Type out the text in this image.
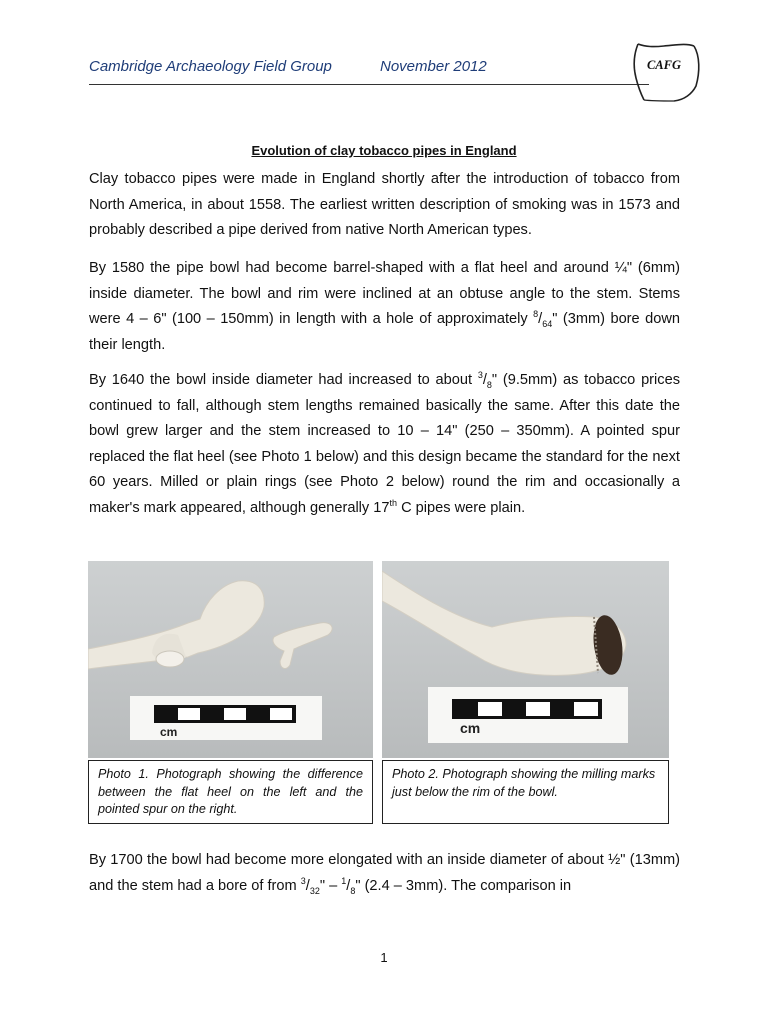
Cambridge Archaeology Field Group	November 2012	CAFG
Evolution of clay tobacco pipes in England
Clay tobacco pipes were made in England shortly after the introduction of tobacco from North America, in about 1558. The earliest written description of smoking was in 1573 and probably described a pipe derived from native North American types.
By 1580 the pipe bowl had become barrel-shaped with a flat heel and around ¼" (6mm) inside diameter. The bowl and rim were inclined at an obtuse angle to the stem. Stems were 4 – 6" (100 – 150mm) in length with a hole of approximately $^8/_{64}$" (3mm) bore down their length.
By 1640 the bowl inside diameter had increased to about $^3/_8$" (9.5mm) as tobacco prices continued to fall, although stem lengths remained basically the same. After this date the bowl grew larger and the stem increased to 10 – 14" (250 – 350mm). A pointed spur replaced the flat heel (see Photo 1 below) and this design became the standard for the next 60 years. Milled or plain rings (see Photo 2 below) round the rim and occasionally a maker's mark appeared, although generally 17th C pipes were plain.
cm	cm
Photo 1. Photograph showing the difference between the flat heel on the left and the pointed spur on the right.
Photo 2. Photograph showing the milling marks just below the rim of the bowl.
By 1700 the bowl had become more elongated with an inside diameter of about ½" (13mm) and the stem had a bore of from $^3/_{32}$" – $^1/_8$" (2.4 – 3mm). The comparison in
1
